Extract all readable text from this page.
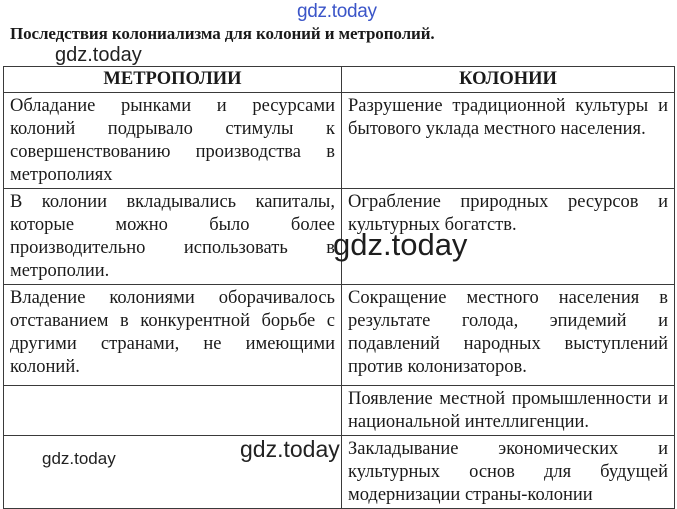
gdz.today
Последствия колониализма для колоний и метрополий.
gdz.today
МЕТРОПОЛИИ	КОЛОНИИ
Обладание рынками и ресурсами колоний подрывало стимулы к совершенствованию производства в метрополиях	Разрушение традиционной культуры и бытового уклада местного населения.
В колонии вкладывались капиталы, которые можно было более производительно использовать в метрополии.	Ограбление природных ресурсов и культурных богатств.
Владение колониями оборачивалось отставанием в конкурентной борьбе с другими странами, не имеющими колоний.	Сокращение местного населения в результате голода, эпидемий и подавлений народных выступлений против колонизаторов.
	Появление местной промышленности и национальной интеллигенции.
	Закладывание экономических и культурных основ для будущей модернизации страны-колонии
gdz.today
gdz.today
gdz.today
